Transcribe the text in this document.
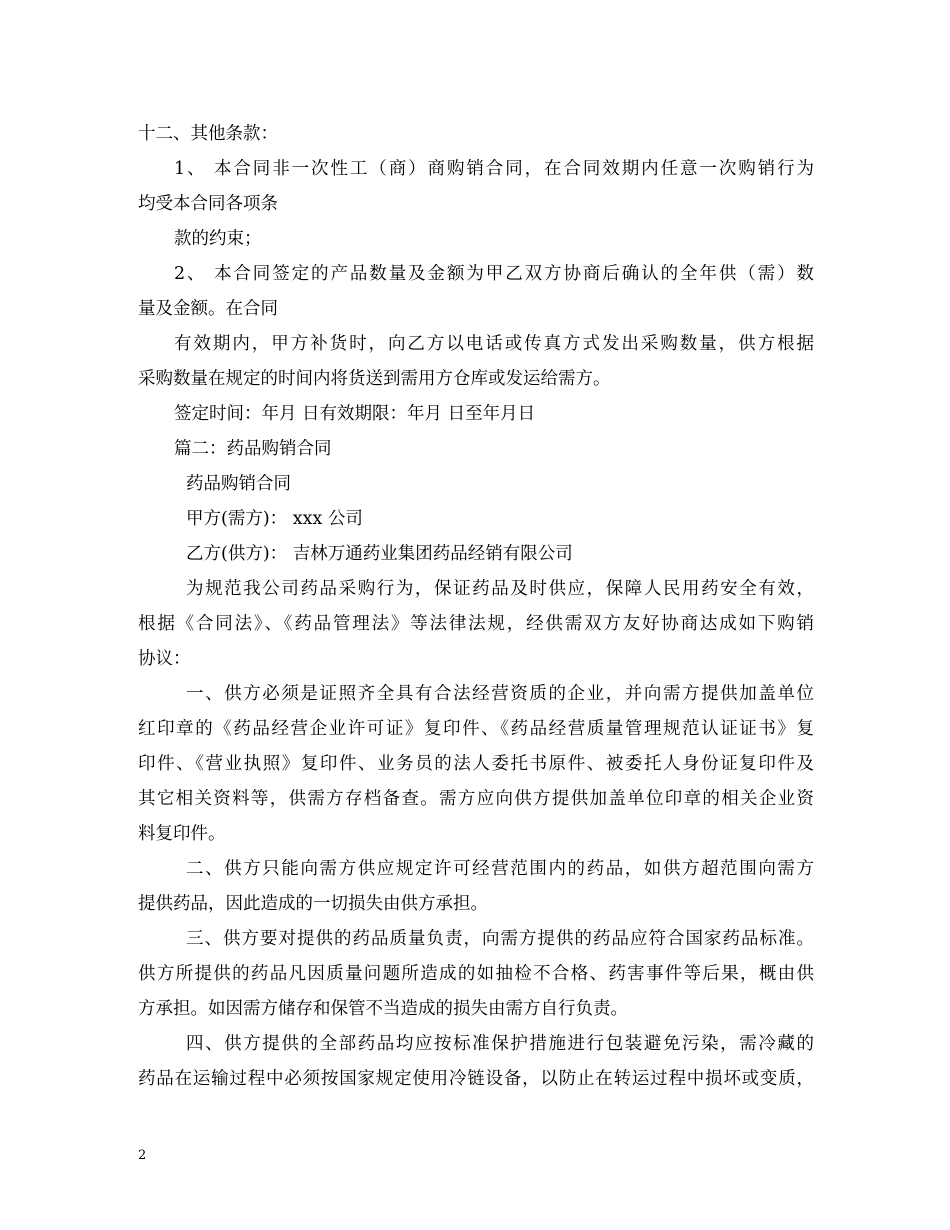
十二、其他条款：
1、 本合同非一次性工（商）商购销合同，在合同效期内任意一次购销行为
均受本合同各项条
款的约束；
2、 本合同签定的产品数量及金额为甲乙双方协商后确认的全年供（需）数
量及金额。在合同
有效期内，甲方补货时，向乙方以电话或传真方式发出采购数量，供方根据
采购数量在规定的时间内将货送到需用方仓库或发运给需方。
签定时间：年月 日有效期限：年月 日至年月日
篇二：药品购销合同
药品购销合同
甲方(需方)： xxx 公司
乙方(供方)： 吉林万通药业集团药品经销有限公司
为规范我公司药品采购行为，保证药品及时供应，保障人民用药安全有效，
根据《合同法》、《药品管理法》等法律法规，经供需双方友好协商达成如下购销
协议：
一、供方必须是证照齐全具有合法经营资质的企业，并向需方提供加盖单位
红印章的《药品经营企业许可证》复印件、《药品经营质量管理规范认证证书》复
印件、《营业执照》复印件、业务员的法人委托书原件、被委托人身份证复印件及
其它相关资料等，供需方存档备查。需方应向供方提供加盖单位印章的相关企业资
料复印件。
二、供方只能向需方供应规定许可经营范围内的药品，如供方超范围向需方
提供药品，因此造成的一切损失由供方承担。
三、供方要对提供的药品质量负责，向需方提供的药品应符合国家药品标准。
供方所提供的药品凡因质量问题所造成的如抽检不合格、药害事件等后果，概由供
方承担。如因需方储存和保管不当造成的损失由需方自行负责。
四、供方提供的全部药品均应按标准保护措施进行包装避免污染，需冷藏的
药品在运输过程中必须按国家规定使用冷链设备，以防止在转运过程中损坏或变质，
2
